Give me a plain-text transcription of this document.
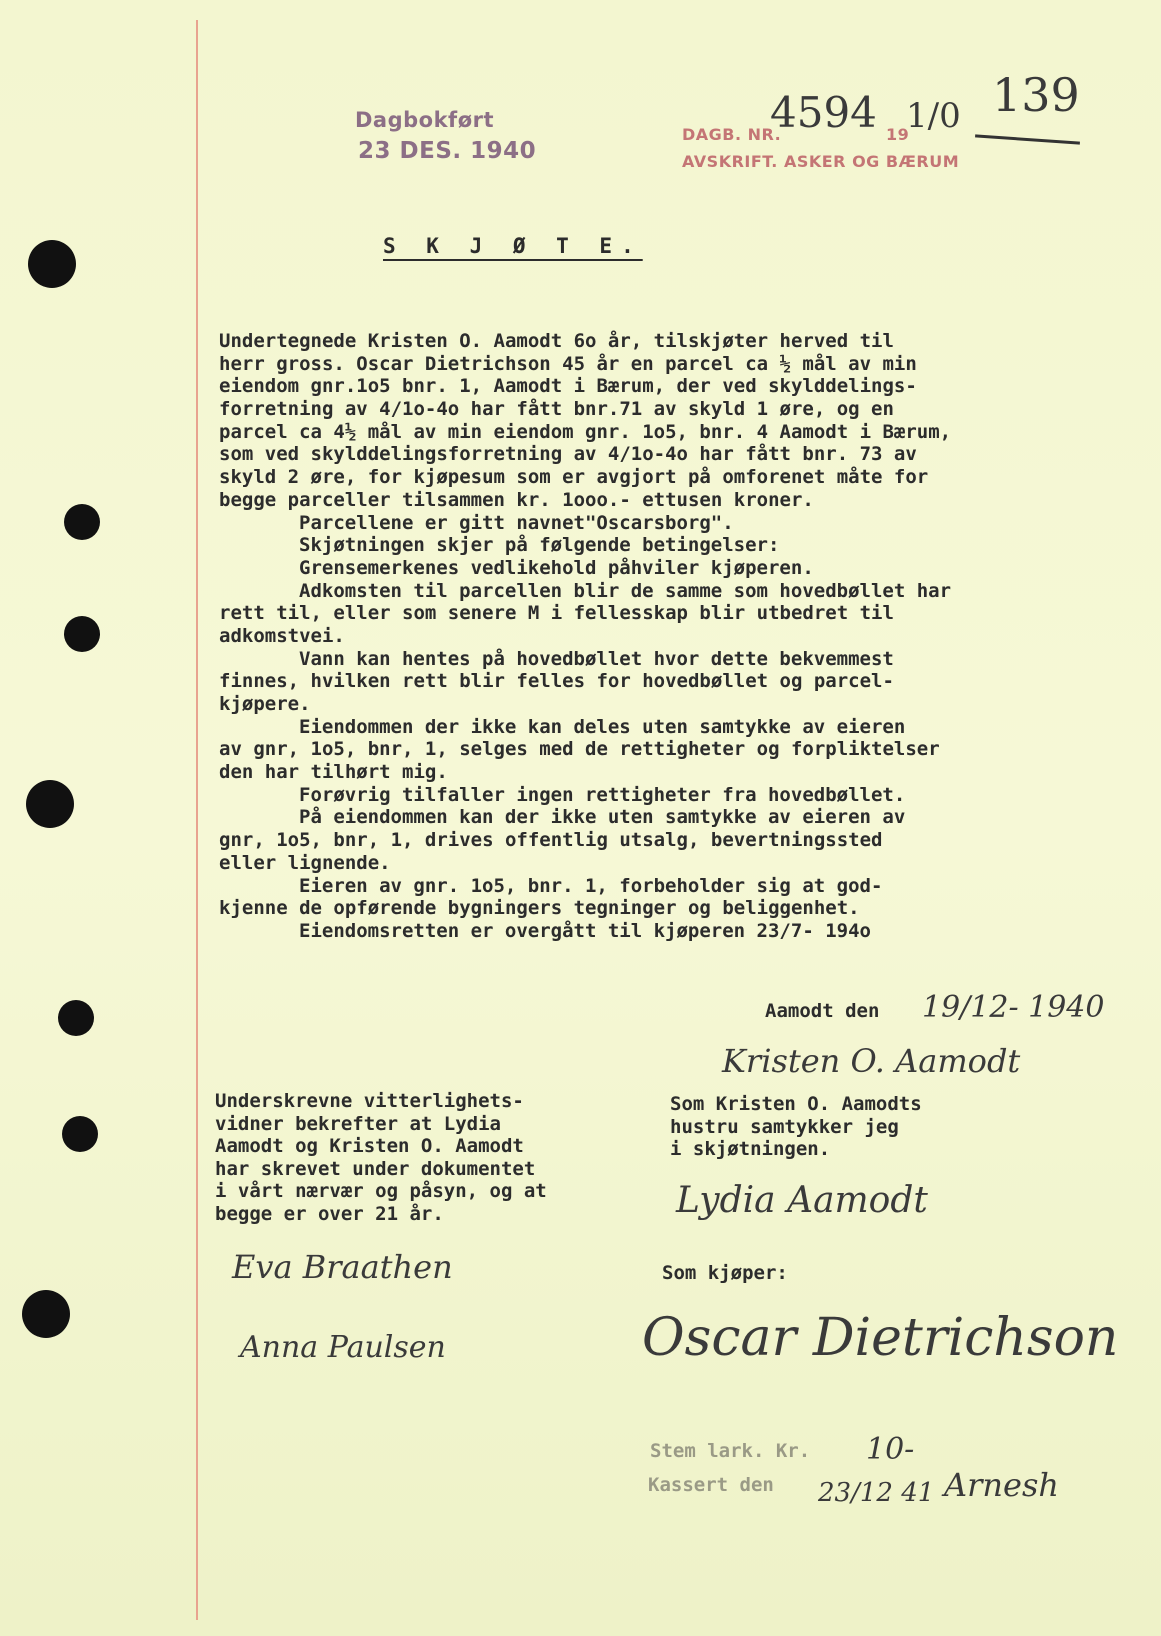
Dagbokført
23 DES. 1940
DAGB. NR.
4594 19
1/0
AVSKRIFT. ASKER OG BÆRUM
139
S K J Ø T E.
Undertegnede Kristen O. Aamodt 6o år, tilskjøter herved til
herr gross. Oscar Dietrichson 45 år en parcel ca ½ mål av min
eiendom gnr.1o5 bnr. 1, Aamodt i Bærum, der ved skylddelings-
forretning av 4/1o-4o har fått bnr.71 av skyld 1 øre, og en
parcel ca 4½ mål av min eiendom gnr. 1o5, bnr. 4 Aamodt i Bærum,
som ved skylddelingsforretning av 4/1o-4o har fått bnr. 73 av
skyld 2 øre, for kjøpesum som er avgjort på omforenet måte for
begge parceller tilsammen kr. 1ooo.- ettusen kroner.
Parcellene er gitt navnet"Oscarsborg".
Skjøtningen skjer på følgende betingelser:
Grensemerkenes vedlikehold påhviler kjøperen.
Adkomsten til parcellen blir de samme som hovedbøllet har
rett til, eller som senere M i fellesskap blir utbedret til
adkomstvei.
Vann kan hentes på hovedbøllet hvor dette bekvemmest
finnes, hvilken rett blir felles for hovedbøllet og parcel-
kjøpere.
Eiendommen der ikke kan deles uten samtykke av eieren
av gnr, 1o5, bnr, 1, selges med de rettigheter og forpliktelser
den har tilhørt mig.
Forøvrig tilfaller ingen rettigheter fra hovedbøllet.
På eiendommen kan der ikke uten samtykke av eieren av
gnr, 1o5, bnr, 1, drives offentlig utsalg, bevertningssted
eller lignende.
Eieren av gnr. 1o5, bnr. 1, forbeholder sig at god-
kjenne de opførende bygningers tegninger og beliggenhet.
Eiendomsretten er overgått til kjøperen 23/7- 194o
Aamodt den 19/12- 1940
Kristen O. Aamodt
Underskrevne vitterlighets-
vidner bekrefter at Lydia
Aamodt og Kristen O. Aamodt
har skrevet under dokumentet
i vårt nærvær og påsyn, og at
begge er over 21 år.
Som Kristen O. Aamodts
hustru samtykker jeg
i skjøtningen.
Lydia Aamodt
Eva Braathen
Anna Paulsen
Som kjøper:
Oscar Dietrichson
Stem lark. Kr. 10-
Kassert den 23/12 41 Arnesh
